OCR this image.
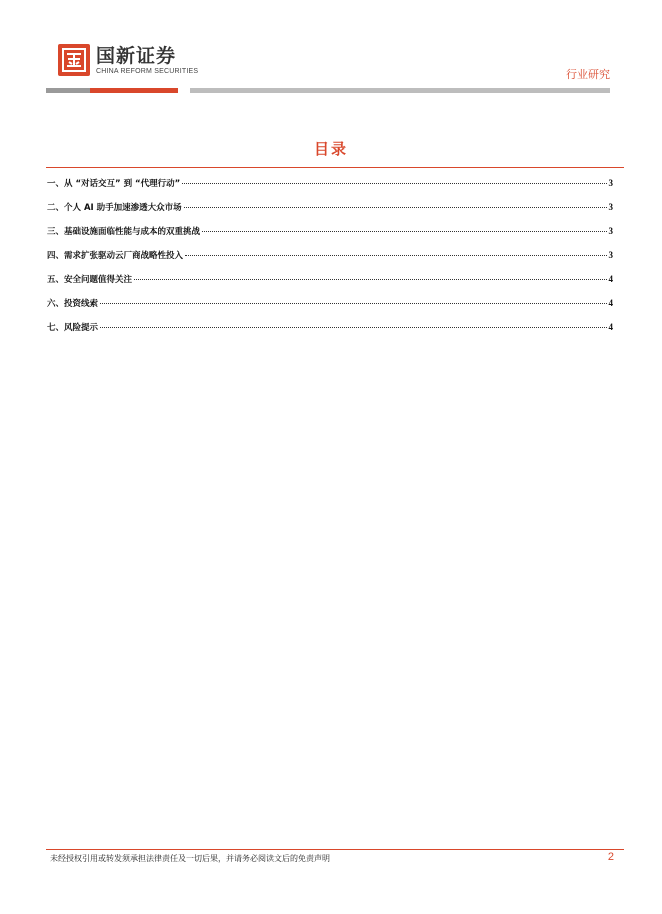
国新证券
CHINA REFORM SECURITIES	行业研究
目录
一、从 “对话交互” 到 “代理行动”	3
二、个人 AI 助手加速渗透大众市场	3
三、基础设施面临性能与成本的双重挑战	3
四、需求扩张驱动云厂商战略性投入	3
五、安全问题值得关注	4
六、投资线索	4
七、风险提示	4
未经授权引用或转发须承担法律责任及一切后果，并请务必阅读文后的免责声明	2
